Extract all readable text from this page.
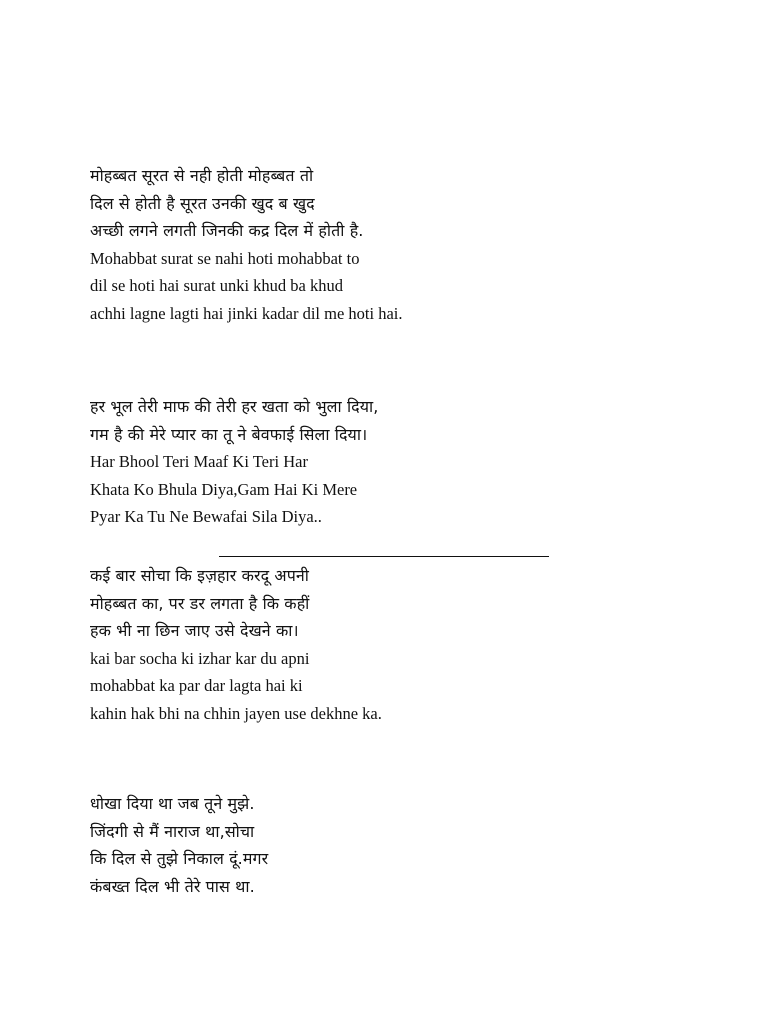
मोहब्बत सूरत से नही होती मोहब्बत तो
दिल से होती है सूरत उनकी खुद ब खुद
अच्छी लगने लगती जिनकी कद्र दिल में होती है.
Mohabbat surat se nahi hoti mohabbat to
dil se hoti hai surat unki khud ba khud
achhi lagne lagti hai jinki kadar dil me hoti hai.
हर भूल तेरी माफ की तेरी हर खता को भुला दिया,
गम है की मेरे प्यार का तू ने बेवफाई सिला दिया।
Har Bhool Teri Maaf Ki Teri Har
Khata Ko Bhula Diya,Gam Hai Ki Mere
Pyar Ka Tu Ne Bewafai Sila Diya..
कई बार सोचा कि इज़हार करदू अपनी
मोहब्बत का, पर डर लगता है कि कहीं
हक भी ना छिन जाए उसे देखने का।
kai bar socha ki izhar kar du apni
mohabbat ka par dar lagta hai ki
kahin hak bhi na chhin jayen use dekhne ka.
धोखा दिया था जब तूने मुझे.
जिंदगी से मैं नाराज था,सोचा
कि दिल से तुझे निकाल दूं.मगर
कंबख्त दिल भी तेरे पास था.
